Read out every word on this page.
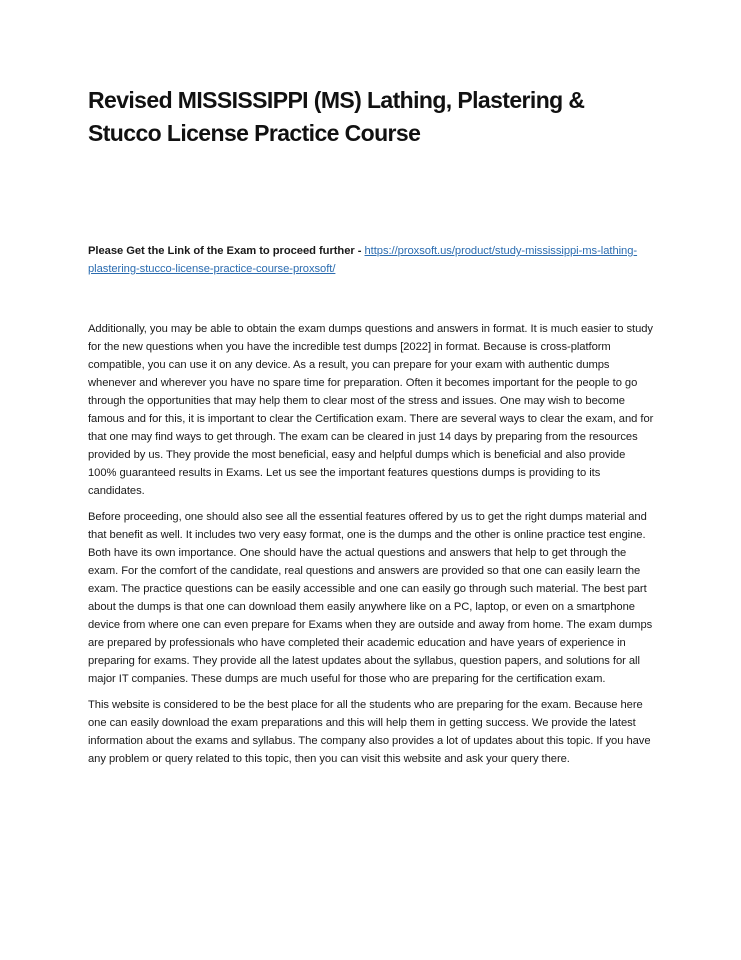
Revised MISSISSIPPI (MS) Lathing, Plastering & Stucco License Practice Course
Please Get the Link of the Exam to proceed further - https://proxsoft.us/product/study-mississippi-ms-lathing-plastering-stucco-license-practice-course-proxsoft/

Additionally, you may be able to obtain the exam dumps questions and answers in format. It is much easier to study for the new questions when you have the incredible test dumps [2022] in format. Because is cross-platform compatible, you can use it on any device. As a result, you can prepare for your exam with authentic dumps whenever and wherever you have no spare time for preparation. Often it becomes important for the people to go through the opportunities that may help them to clear most of the stress and issues. One may wish to become famous and for this, it is important to clear the Certification exam. There are several ways to clear the exam, and for that one may find ways to get through. The exam can be cleared in just 14 days by preparing from the resources provided by us. They provide the most beneficial, easy and helpful dumps which is beneficial and also provide 100% guaranteed results in Exams. Let us see the important features questions dumps is providing to its candidates.

Before proceeding, one should also see all the essential features offered by us to get the right dumps material and that benefit as well. It includes two very easy format, one is the dumps and the other is online practice test engine. Both have its own importance. One should have the actual questions and answers that help to get through the exam. For the comfort of the candidate, real questions and answers are provided so that one can easily learn the exam. The practice questions can be easily accessible and one can easily go through such material. The best part about the dumps is that one can download them easily anywhere like on a PC, laptop, or even on a smartphone device from where one can even prepare for Exams when they are outside and away from home. The exam dumps are prepared by professionals who have completed their academic education and have years of experience in preparing for exams. They provide all the latest updates about the syllabus, question papers, and solutions for all major IT companies. These dumps are much useful for those who are preparing for the certification exam.

This website is considered to be the best place for all the students who are preparing for the exam. Because here one can easily download the exam preparations and this will help them in getting success. We provide the latest information about the exams and syllabus. The company also provides a lot of updates about this topic. If you have any problem or query related to this topic, then you can visit this website and ask your query there.
